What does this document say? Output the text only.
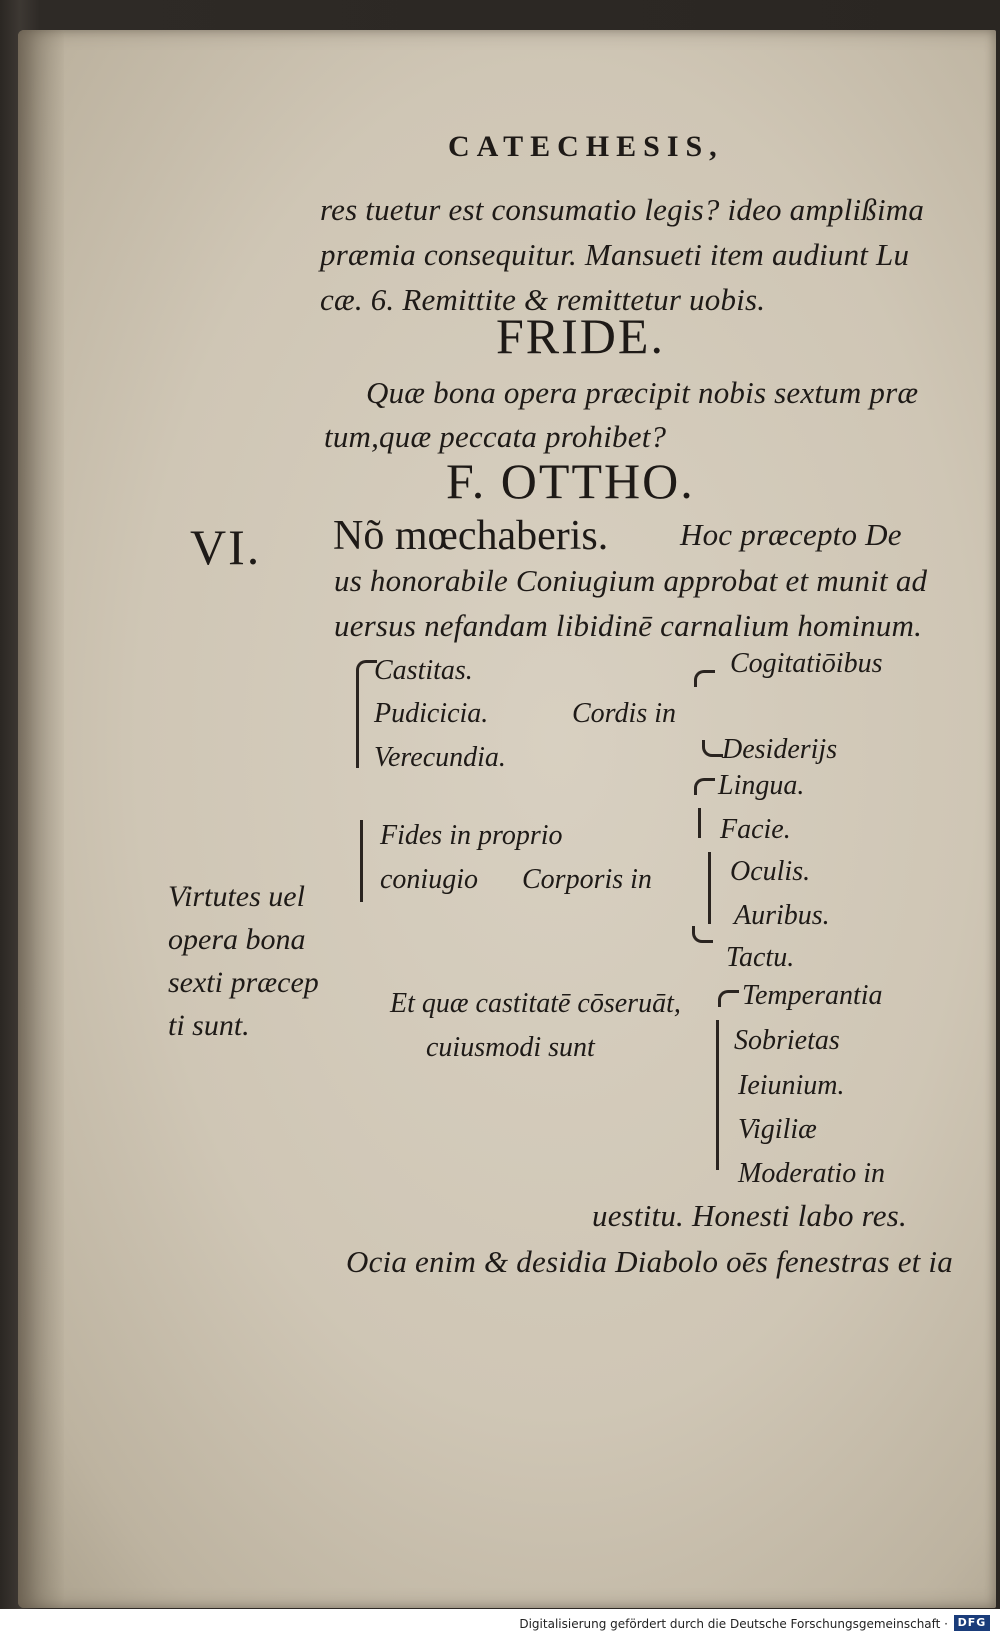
CATECHESIS,
res tuetur est consumatio legis? ideo amplißima
præmia consequitur. Mansueti item audiunt Lu
cæ. 6. Remittite & remittetur uobis.
FRIDE.
Quæ bona opera præcipit nobis sextum præ
tum,quæ peccata prohibet?
F. OTTHO.
VI. Nõ mœchaberis. Hoc præcepto De
us honorabile Coniugium approbat et munit ad
uersus nefandam libidinē carnalium hominum.
Castitas.
Pudicicia.
Verecundia.
Cordis in
Cogitatiōibus
Desiderijs
Fides in proprio
coniugio Corporis in
Lingua.
Facie.
Oculis.
Auribus.
Tactu.
Virtutes uel
opera bona
sexti præcep
ti sunt.
Et quæ castitatē cōseruāt,
cuiusmodi sunt
Temperantia
Sobrietas
Ieiunium.
Vigiliæ
Moderatio in
uestitu. Honesti labo res.
Ocia enim & desidia Diabolo oēs fenestras et ia
Digitalisierung gefördert durch die Deutsche Forschungsgemeinschaft · DFG
